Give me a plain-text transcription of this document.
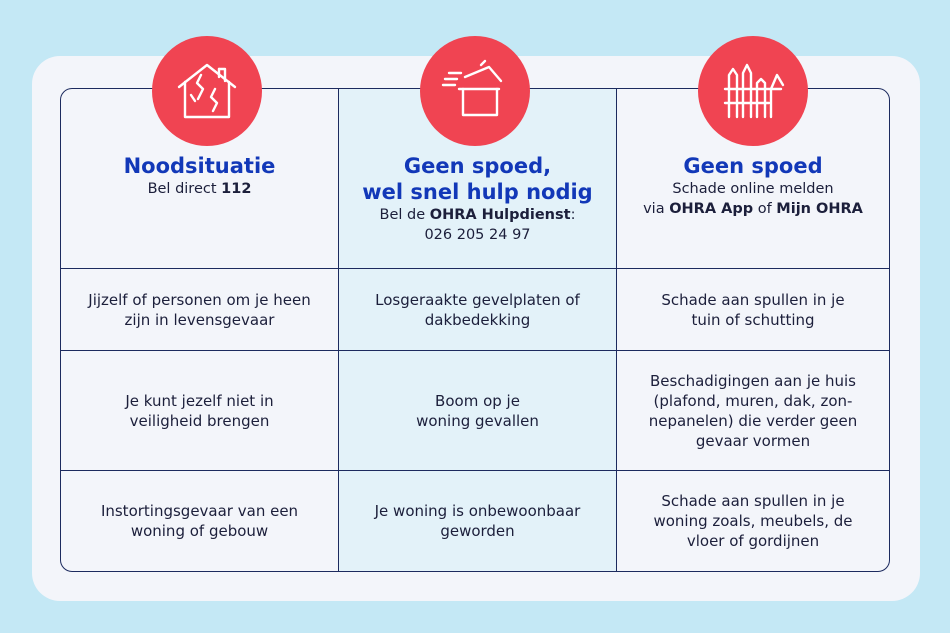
Noodsituatie

Bel direct 112

Geen spoed,
wel snel hulp nodig

Bel de OHRA Hulpdienst:
026 205 24 97

Geen spoed

Schade online melden
via OHRA App of Mijn OHRA

Jijzelf of personen om je heen zijn in levensgevaar
Losgeraakte gevelplaten of dakbedekking
Schade aan spullen in je tuin of schutting
Je kunt jezelf niet in veiligheid brengen
Boom op je woning gevallen
Beschadigingen aan je huis (plafond, muren, dak, zon-nepanelen) die verder geen gevaar vormen
Instortingsgevaar van een woning of gebouw
Je woning is onbewoonbaar geworden
Schade aan spullen in je woning zoals, meubels, de vloer of gordijnen
